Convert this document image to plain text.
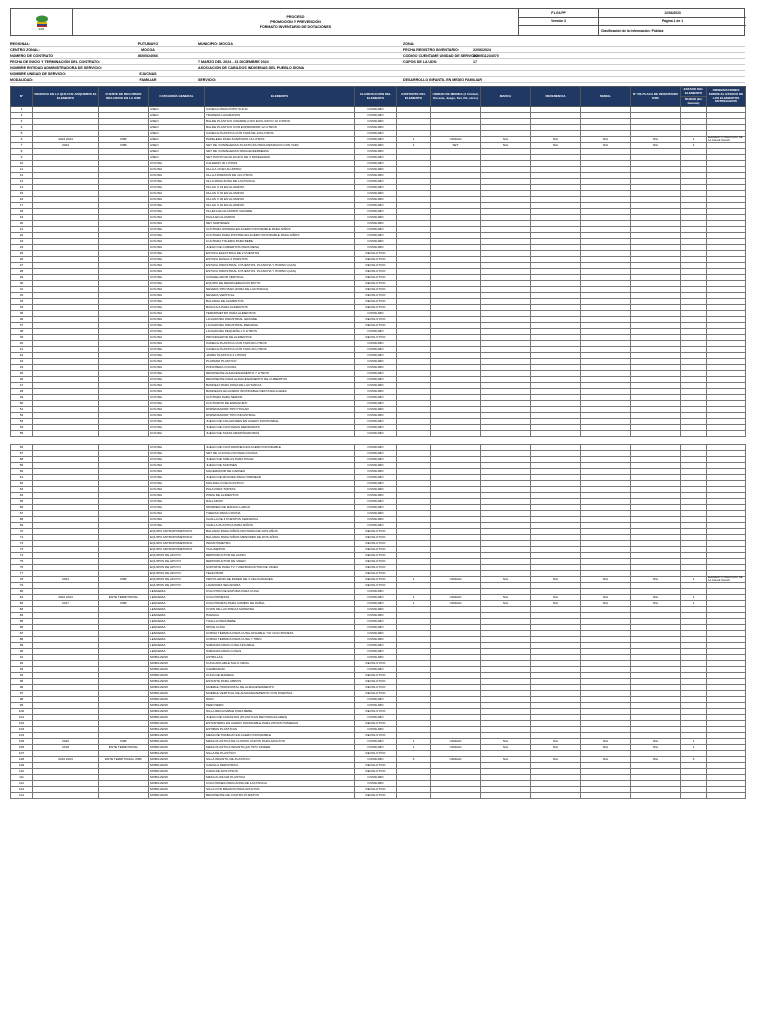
ICBF
PROCESO
PROMOCIÓN Y PREVENCIÓN
FORMATO INVENTARIO DE DOTACIONES
F1.G4.PP
Versión 3
12/04/2023
Página 1 de 1
Clasificación de la Información: Pública
REGIONAL:	PUTUMAYO	MUNICIPIO: MOCOA	ZONA:
CENTRO ZONAL:	MOCOA	FECHA REGISTRO INVENTARIO:	22/06/2024
NUMERO DE CONTRATO	8600024066	CODIGO CUENTAME UNIDAD DE SERVICIO:
8600511234070
FECHA DE INICIO Y TERMINACIÓN DEL CONTRATO:	7 MARZO DEL 2024 - 31 DICIEMBRE 2024	CUPOS DE LA UDS:	17
NOMBRE ENTIDAD ADMINISTRADORA DE SERVICIO:	ASOCIACION DE CABILDOS INDIGENAS DEL PUEBLO SIONA
NOMBRE UNIDAD DE SERVICIO:	EJUCNAS
MODALIDAD:	FAMILIAR	SERVICIO:	DESARROLLO INFANTIL EN MEDIO FAMILIAR
N°	VIGENCIA EN LA QUE FUE ADQUIRIDO EL ELEMENTO	FUENTE DE RECURSOS INCLUIDOS EN LA ICBF	CATEGORÍA GENERAL	ELEMENTO	CLASIFICACIÓN DEL ELEMENTO	EXISTENTE DEL ELEMENTO	UNIDAD DE MEDIDA (1 Unidad, Docena, Juego, Set, Kit, otros)	MARCA	REFERENCIA	SERIAL	N° DE PLACA DE INVENTARIO ICBF	ESTADO DEL ELEMENTO	OBSERVACIONES SOBRE EL ESTADO DE LOS ELEMENTOS ENTREGADOS
												BUENO (En buenas)	
1			ASEO	CANECA PARA POPO SUCIA	CONSUMO								
2			ASEO	TRAPERA LAVAMANOS	CONSUMO								
3			ASEO	BALDE PLASTICO GRANDE (USO EXCLUSIVO 10 LITROS	CONSUMO								
4			ASEO	BALDE PLASTICO CON EXPRIMIDOR 12 LITROS	CONSUMO								
5			ASEO	CANECA PLASTICA CON TAPA DE 120 LITROS	CONSUMO								
6	2024 2024	ICBF	ASEO	PAPELERA PARA SANITARIO 16 LITROS	CONSUMO	1	UNIDAD	N/A	N/A	N/A	N/A	1	ELEMENTO PRESTADO DE LA CALLE SALAS
7	2024	ICBF	ASEO	SET DE 3 PAPELERAS PLASTICAS PARA RESIDUOS CON TAPA	CONSUMO	1	SET	N/A	N/A	N/A	N/A	1	
8			ASEO	SET DE 3 PAPELERAS PARA ENFERMERIA	CONSUMO								
9			ASEO	SET PUNTO ECOLOGICO DE 3 PAPELERAS	CONSUMO								
10			COCINA	CALDERO 20 LITROS	CONSUMO								
11			COCINA	OLLA A 10 EN ALUMINIO	CONSUMO								
12			COCINA	OLLA A PRESION DE 10 LITROS	CONSUMO								
13			COCINA	OLLA PARA ZONA DE LACTANCIA	CONSUMO								
14			COCINA	OLLAS X 24 EN ALUMINIO	CONSUMO								
15			COCINA	OLLAS X 32 EN ALUMINIO	CONSUMO								
16			COCINA	OLLAS X 36 EN ALUMINIO	CONSUMO								
17			COCINA	OLLAS X 40 EN ALUMINIO	CONSUMO								
18			COCINA	OLLETA EN ALUMINIO GRANDE	CONSUMO								
19			COCINA	PAILA EN ALUMINIO	CONSUMO								
20			COCINA	SET SARTENES	CONSUMO								
21			COCINA	CUCHARA SOPERA EN ACERO INOXIDABLE PARA NIÑOS	CONSUMO								
22			COCINA	CUCHARA PARA POSTRE EN ACERO INOXIDABLE PARA NIÑOS	CONSUMO								
23			COCINA	CUCHARA TOLERIA PARA BEBE	CONSUMO								
24			COCINA	JUEGO DE CUBIERTOS PARA MESA	CONSUMO								
25			COCINA	ESTUFA ELECTRICA DE 2 PUESTOS	DEVOLUTIVO								
26			COCINA	ESTUFA RASGA 3 PUESTOS	DEVOLUTIVO								
27			COCINA	ESTUFA INDUSTRIAL 4 PUESTOS, PLANCHA Y HORNO (GAS)	DEVOLUTIVO								
28			COCINA	ESTUFA INDUSTRIAL 6 PUESTOS, PLANCHA Y HORNO (GAS)	DEVOLUTIVO								
29			COCINA	CONGELADOR VERTICAL	DEVOLUTIVO								
30			COCINA	EQUIPO DE REFRIGERACION MIXTO	DEVOLUTIVO								
31			COCINA	NEVERA TIPO BAR (ZONA DE LACTANCIA)	DEVOLUTIVO								
32			COCINA	NEVERA VERTICAL	DEVOLUTIVO								
33			COCINA	BALANZA DE ALIMENTOS	DEVOLUTIVO								
34			COCINA	BASCULA PARA ALIMENTOS	DEVOLUTIVO								
35			COCINA	TERMOMETRO PARA ALIMENTOS	CONSUMO								
36			COCINA	LICUADORA INDUSTRIAL GRANDE	DEVOLUTIVO								
37			COCINA	LICUADORA INDUSTRIAL MEDIANA	DEVOLUTIVO								
38			COCINA	LICUADORA PEQUEÑA 1.5 LITROS	CONSUMO								
39			COCINA	PROCESADOR DE ALIMENTOS	DEVOLUTIVO								
40			COCINA	CANECA PLASTICA CON TAPA 80 LITROS	CONSUMO								
41			COCINA	CANECA PLASTICA CON TAPA 20 LITROS	CONSUMO								
42			COCINA	JARRA PLASTICA 2 LITROS	CONSUMO								
43			COCINA	PLATERO PLASTICO	CONSUMO								
44			COCINA	PONCHERA COCINA	CONSUMO								
45			COCINA	RECIPIENTE ALMACENAMIENTO 7 LITROS	CONSUMO								
46			COCINA	RECIPIENTE PARA ALMACENAMIENTO DE CUBIERTOS	CONSUMO								
47			COCINA	BANDEJA PARA ZONA DE LACTANCIA	CONSUMO								
48			COCINA	BANDEJAS EN ACERO INOXIDABLE RECTANGULARES	CONSUMO								
49			COCINA	CUCHARA PARA SERVIR	CONSUMO								
50			COCINA	CUCHARON DE ESPAGUETI	CONSUMO								
51			COCINA	DISPENSADOR TIPO HOGAR	CONSUMO								
52			COCINA	DISPENSADOR TIPO INDUSTRIAL	CONSUMO								
53			COCINA	JUEGO DE COLADORES EN ACERO INOXIDABLE	CONSUMO								
54			COCINA	JUEGO DE CUCHARAS MEDIDORAS	CONSUMO								
55			COCINA	JUEGO DE TAZAS DESPOSADORAS	CONSUMO								
56			COCINA	JUEGO DE CUCHARONES EN ACERO INOXIDABLE	CONSUMO								
57			COCINA	SET DE CUCHILLOS PARA COCINA	CONSUMO								
58			COCINA	JUEGO DE TABLAS PARA PICAR	CONSUMO								
59			COCINA	JUEGO DE TAZONES	CONSUMO								
60			COCINA	MACERADOR DE CARNES	CONSUMO								
61			COCINA	JUEGO DE MOLDES PARA HORNEAR	CONSUMO								
62			COCINA	MOLINILLO DE PLASTICO	CONSUMO								
63			COCINA	PALA PARA TORTAS	CONSUMO								
64			COCINA	PINZA DE ALIMENTOS	CONSUMO								
65			COCINA	RALLADOR	CONSUMO								
66			COCINA	SPARDER DE MANGO LARGO	CONSUMO								
67			COCINA	TIJERAS PARA COCINA	CONSUMO								
68			COCINA	VAJILLA DE 4 PUESTOS CERAMICA	CONSUMO								
69			COCINA	VAJILLA PLASTICA PARA NIÑOS	CONSUMO								
70			EQUIPO ANTROPOMETRICO	BALANZA PARA NIÑOS MAYORES DE DOS AÑOS	DEVOLUTIVO								
71			EQUIPO ANTROPOMETRICO	BALANZA PARA NIÑOS MENORES DE DOS AÑOS	DEVOLUTIVO								
72			EQUIPO ANTROPOMETRICO	INFANTOMETRO	DEVOLUTIVO								
73			EQUIPO ANTROPOMETRICO	TALLIMETRO	DEVOLUTIVO								
74			EQUIPOS DE APOYO	REPRODUCTOR DE AUDIO	DEVOLUTIVO								
75			EQUIPOS DE APOYO	REPRODUCTOR DE VIDEO	DEVOLUTIVO								
76			EQUIPOS DE APOYO	SOPORTE PARA TV Y REPRODUCTOR DE VIDEO	DEVOLUTIVO								
77			EQUIPOS DE APOYO	TELEVISOR	DEVOLUTIVO								
78	2024	ICBF	EQUIPOS DE APOYO	VENTILADOR DE PARED DE 3 VELOCIDADES	DEVOLUTIVO	1	UNIDAD	N/A	N/A	N/A	N/A	1	ELEMENTO PRESTADO DE LA CALLE SALAS
79			EQUIPOS DE APOYO	LAVADORA SECADORA	DEVOLUTIVO								
80			LENCERIA	COLCHON DE ESPUMA PARA CUNA	CONSUMO								
81	2022 2023	ENTE TERRITORIAL	LENCERIA	COLCHONETAS	CONSUMO	1	UNIDAD	N/A	N/A	N/A	N/A	1	
82	2017	ICBF	LENCERIA	COLCHONETA PARA CAMBIO DE PAÑAL	CONSUMO	1	UNIDAD	N/A	N/A	N/A	N/A	1	
83			LENCERIA	COJIN DE LACTANCIA MATERNA	CONSUMO								
84			LENCERIA	HAMACA	CONSUMO								
85			LENCERIA	TOALLA PARA BEBE	CONSUMO								
86			LENCERIA	SPICE CUNA	CONSUMO								
87			LENCERIA	COBIJA TERMICA PARA CUNA APLIABLE Y/O COLCHONETA	CONSUMO								
88			LENCERIA	COBIJA TERMICA PARA CUNA Y TIBIO	CONSUMO								
89			LENCERIA	SABANAS PARA CUNA APLIABLE	CONSUMO								
90			LENCERIA	SABANAS PARA CUNAS	CONSUMO								
91			MOBILIARIO	ASTRILLAS	CONSUMO								
92			MOBILIARIO	CUNA APILABLE SOLO NIDAL	DEVOLUTIVO								
93			MOBILIARIO	CAMBIADOR	CONSUMO								
94			MOBILIARIO	CUNA DE MADERA	DEVOLUTIVO								
95			MOBILIARIO	ESTANTE PARA LIBROS	DEVOLUTIVO								
96			MOBILIARIO	MUEBLE HORIZONTAL DE ALMACENAMIENTO	DEVOLUTIVO								
97			MOBILIARIO	MUEBLE VERTICAL DE ALMACENAMIENTO CON PUERTAS	DEVOLUTIVO								
98			MOBILIARIO	NIDO	CONSUMO								
99			MOBILIARIO	PERCHERO	CONSUMO								
100			MOBILIARIO	SILLA RECLINABLE PARA BEBE	DEVOLUTIVO								
101			MOBILIARIO	JUEGO DE CANASTAS (PLASTICAS RECTANGULARES)	CONSUMO								
102			MOBILIARIO	ESTANTERIA EN ACERO INOXIDABLE PARA ZONAS HUMEDAS	DEVOLUTIVO								
103			MOBILIARIO	ESTIBAS PLASTICAS	CONSUMO								
104			MOBILIARIO	MESA DE TRABAJO EN ACERO INOXIDABLE	DEVOLUTIVO								
105	2020	ICBF	MOBILIARIO	MESA PLASTICA DE CUATRO CUPOS PARA ADULTOS	CONSUMO	1	UNIDAD	N/A	N/A	N/A	N/A	1	
106	2018	ENTE TERRITORIAL	MOBILIARIO	MESA PLASTICA INFANTIL(AS TIPO KINDER	CONSUMO	1	UNIDAD	N/A	N/A	N/A	N/A	1	
107			MOBILIARIO	SILLA DE PLASTICO	DEVOLUTIVO								
108	2010 2023	ENTE TERRITORIAL ICBF	MOBILIARIO	SILLA INFANTIL DE PLASTICO	CONSUMO	3	UNIDAD	N/A	N/A	N/A	N/A	3	
109			MOBILIARIO	CAMILLA PEDIATRICA	DEVOLUTIVO								
110			MOBILIARIO	CAMA DE DOS PISOS	DEVOLUTIVO								
111			MOBILIARIO	MESA AUXILIAR PLASTICA	CONSUMO								
112			MOBILIARIO	COLCHONES PARA ZONA DE LACTANCIA	CONSUMO								
113			MOBILIARIO	SILLA CON BRAZOS PARA ADULTOS	DEVOLUTIVO								
114			MOBILIARIO	RECIPIENTE DE CUATRO PUESTOS	DEVOLUTIVO								
